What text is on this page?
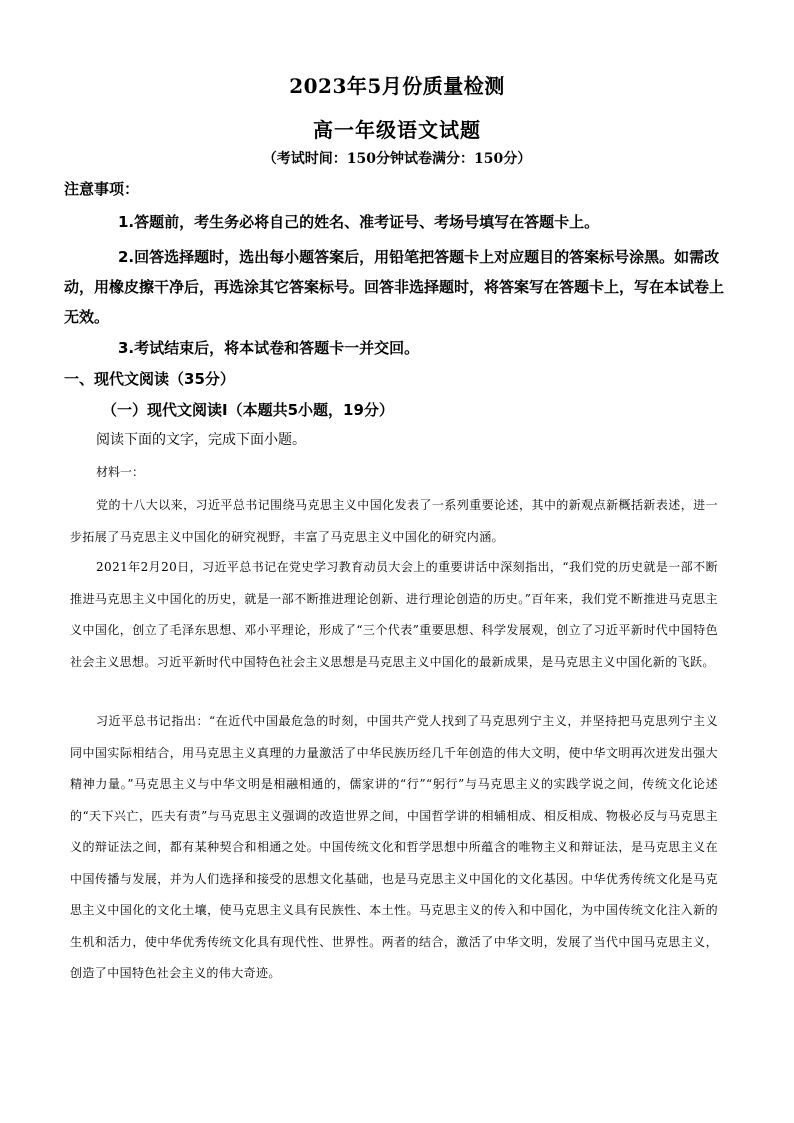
2023年5月份质量检测
高一年级语文试题
（考试时间：150分钟试卷满分：150分）
注意事项：
1.答题前，考生务必将自己的姓名、准考证号、考场号填写在答题卡上。
2.回答选择题时，选出每小题答案后，用铅笔把答题卡上对应题目的答案标号涂黑。如需改动，用橡皮擦干净后，再选涂其它答案标号。回答非选择题时，将答案写在答题卡上，写在本试卷上无效。
3.考试结束后，将本试卷和答题卡一并交回。
一、现代文阅读（35分）
（一）现代文阅读Ⅰ（本题共5小题，19分）
阅读下面的文字，完成下面小题。
材料一：
党的十八大以来，习近平总书记围绕马克思主义中国化发表了一系列重要论述，其中的新观点新概括新表述，进一步拓展了马克思主义中国化的研究视野，丰富了马克思主义中国化的研究内涵。
2021年2月20日，习近平总书记在党史学习教育动员大会上的重要讲话中深刻指出，“我们党的历史就是一部不断推进马克思主义中国化的历史，就是一部不断推进理论创新、进行理论创造的历史。”百年来，我们党不断推进马克思主义中国化，创立了毛泽东思想、邓小平理论，形成了“三个代表”重要思想、科学发展观，创立了习近平新时代中国特色社会主义思想。习近平新时代中国特色社会主义思想是马克思主义中国化的最新成果，是马克思主义中国化新的飞跃。
习近平总书记指出：“在近代中国最危急的时刻，中国共产党人找到了马克思列宁主义，并坚持把马克思列宁主义同中国实际相结合，用马克思主义真理的力量激活了中华民族历经几千年创造的伟大文明，使中华文明再次迸发出强大精神力量。”马克思主义与中华文明是相融相通的，儒家讲的“行”“躬行”与马克思主义的实践学说之间，传统文化论述的“天下兴亡，匹夫有责”与马克思主义强调的改造世界之间，中国哲学讲的相辅相成、相反相成、物极必反与马克思主义的辩证法之间，都有某种契合和相通之处。中国传统文化和哲学思想中所蕴含的唯物主义和辩证法，是马克思主义在中国传播与发展，并为人们选择和接受的思想文化基础，也是马克思主义中国化的文化基因。中华优秀传统文化是马克思主义中国化的文化土壤，使马克思主义具有民族性、本土性。马克思主义的传入和中国化，为中国传统文化注入新的生机和活力，使中华优秀传统文化具有现代性、世界性。两者的结合，激活了中华文明，发展了当代中国马克思主义，创造了中国特色社会主义的伟大奇迹。
